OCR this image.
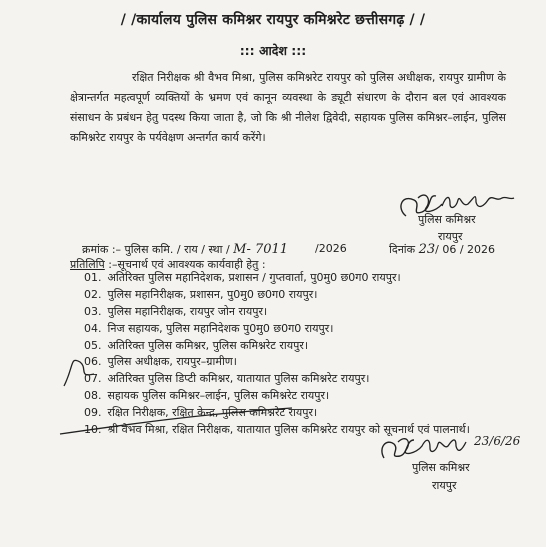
/ /कार्यालय पुलिस कमिश्नर रायपुर कमिश्नरेट छत्तीसगढ़ / /
::: आदेश :::
रक्षित निरीक्षक श्री वैभव मिश्रा, पुलिस कमिश्नरेट रायपुर को पुलिस अधीक्षक, रायपुर ग्रामीण के क्षेत्रान्तर्गत महत्वपूर्ण व्यक्तियों के भ्रमण एवं कानून व्यवस्था के ड्यूटी संधारण के दौरान बल एवं आवश्यक संसाधन के प्रबंधन हेतु पदस्थ किया जाता है, जो कि श्री नीलेश द्विवेदी, सहायक पुलिस कमिश्नर–लाईन, पुलिस कमिश्नरेट रायपुर के पर्यवेक्षण अन्तर्गत कार्य करेंगे।
पुलिस कमिश्नर
रायपुर
क्रमांक :– पुलिस कमि. / राय / स्था / M- 7011 /2026	दिनांक 23/ 06 / 2026
प्रतिलिपि :–सूचनार्थ एवं आवश्यक कार्यवाही हेतु :
01. अतिरिक्त पुलिस महानिदेशक, प्रशासन / गुप्तवार्ता, पु0मु0 छ0ग0 रायपुर।
02. पुलिस महानिरीक्षक, प्रशासन, पु0मु0 छ0ग0 रायपुर।
03. पुलिस महानिरीक्षक, रायपुर जोन रायपुर।
04. निज सहायक, पुलिस महानिदेशक पु0मु0 छ0ग0 रायपुर।
05. अतिरिक्त पुलिस कमिश्नर, पुलिस कमिश्नरेट रायपुर।
06. पुलिस अधीक्षक, रायपुर–ग्रामीण।
07. अतिरिक्त पुलिस डिप्टी कमिश्नर, यातायात पुलिस कमिश्नरेट रायपुर।
08. सहायक पुलिस कमिश्नर–लाईन, पुलिस कमिश्नरेट रायपुर।
09. रक्षित निरीक्षक, रक्षित केन्द्र, पुलिस कमिश्नरेट रायपुर।
10. श्री वैभव मिश्रा, रक्षित निरीक्षक, यातायात पुलिस कमिश्नरेट रायपुर को सूचनार्थ एवं पालनार्थ।
23/6/26
पुलिस कमिश्नर
रायपुर
